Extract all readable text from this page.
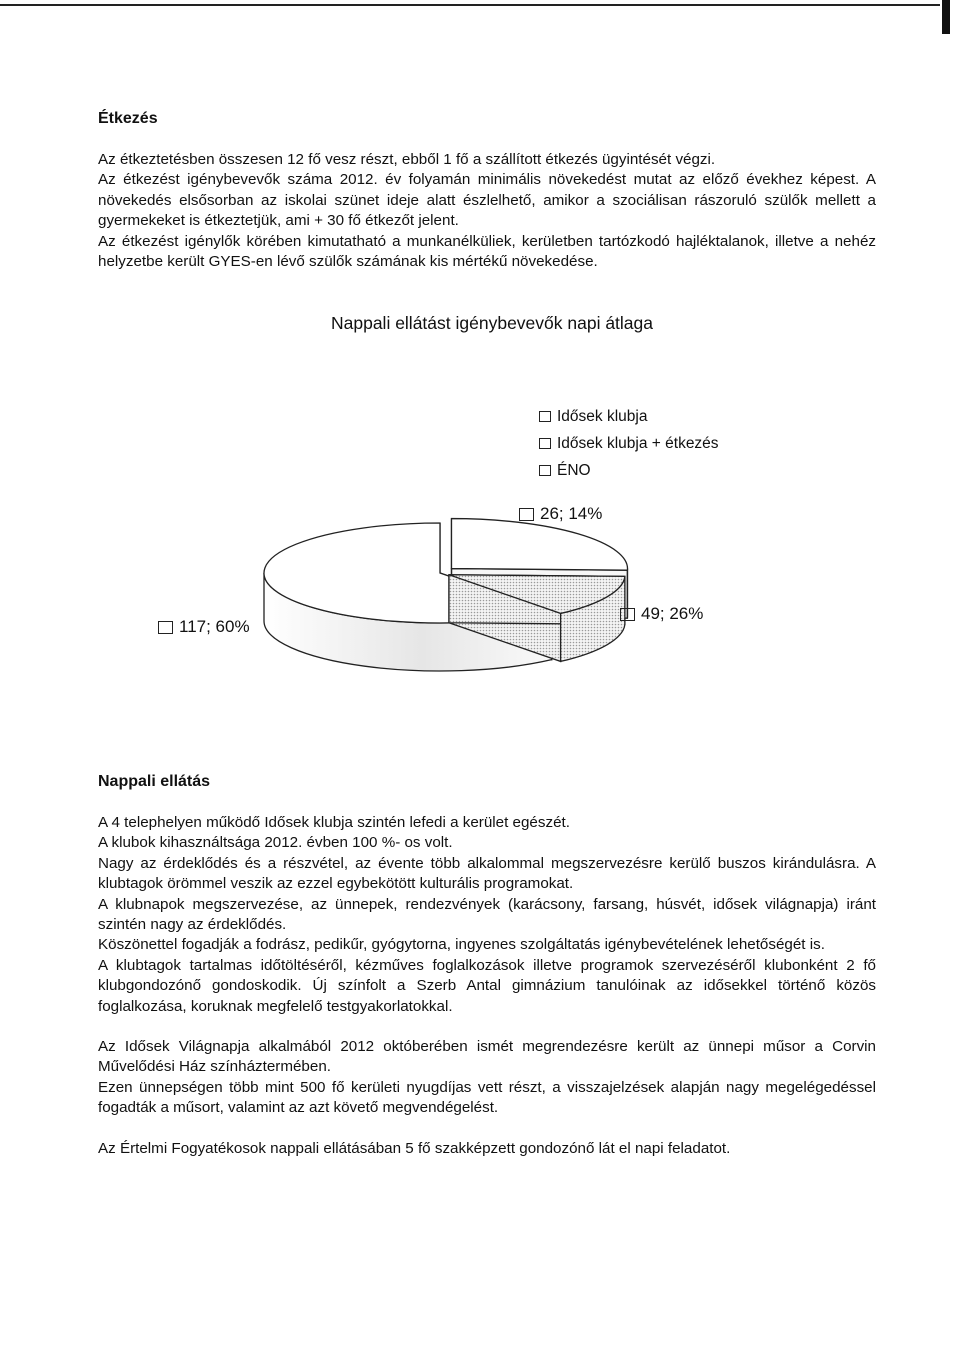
Étkezés

Az étkeztetésben összesen 12 fő vesz részt, ebből 1 fő a szállított étkezés ügyintését végzi.

Az étkezést igénybevevők száma 2012. év folyamán minimális növekedést mutat az előző évekhez képest. A növekedés elsősorban az iskolai szünet ideje alatt észlelhető, amikor a szociálisan rászoruló szülők mellett a gyermekeket is étkeztetjük, ami + 30 fő étkezőt jelent.

Az étkezést igénylők körében kimutatható a munkanélküliek, kerületben tartózkodó hajléktalanok, illetve a nehéz helyzetbe került GYES-en lévő szülők számának kis mértékű növekedése.

Nappali ellátást igénybevevők napi átlaga
Idősek klubja
Idősek klubja + étkezés
ÉNO
26; 14%
117; 60%
49; 26%
Nappali ellátás

A 4 telephelyen működő Idősek klubja szintén lefedi a kerület egészét.

A klubok kihasználtsága 2012. évben 100 %- os volt.

Nagy az érdeklődés és a részvétel, az évente több alkalommal megszervezésre kerülő buszos kirándulásra. A klubtagok örömmel veszik az ezzel egybekötött kulturális programokat.

A klubnapok megszervezése, az ünnepek, rendezvények (karácsony, farsang, húsvét, idősek világnapja) iránt szintén nagy az érdeklődés.

Köszönettel fogadják a fodrász, pedikűr, gyógytorna, ingyenes szolgáltatás igénybevételének lehetőségét is.

A klubtagok tartalmas időtöltéséről, kézműves foglalkozások illetve programok szervezéséről klubonként 2 fő klubgondozónő gondoskodik. Új színfolt a Szerb Antal gimnázium tanulóinak az idősekkel történő közös foglalkozása, koruknak megfelelő testgyakorlatokkal.

Az Idősek Világnapja alkalmából 2012 októberében ismét megrendezésre került az ünnepi műsor a Corvin Művelődési Ház színháztermében.

Ezen ünnepségen több mint 500 fő kerületi nyugdíjas vett részt, a visszajelzések alapján nagy megelégedéssel fogadták a műsort, valamint az azt követő megvendégelést.

Az Értelmi Fogyatékosok nappali ellátásában 5 fő szakképzett gondozónő lát el napi feladatot.
